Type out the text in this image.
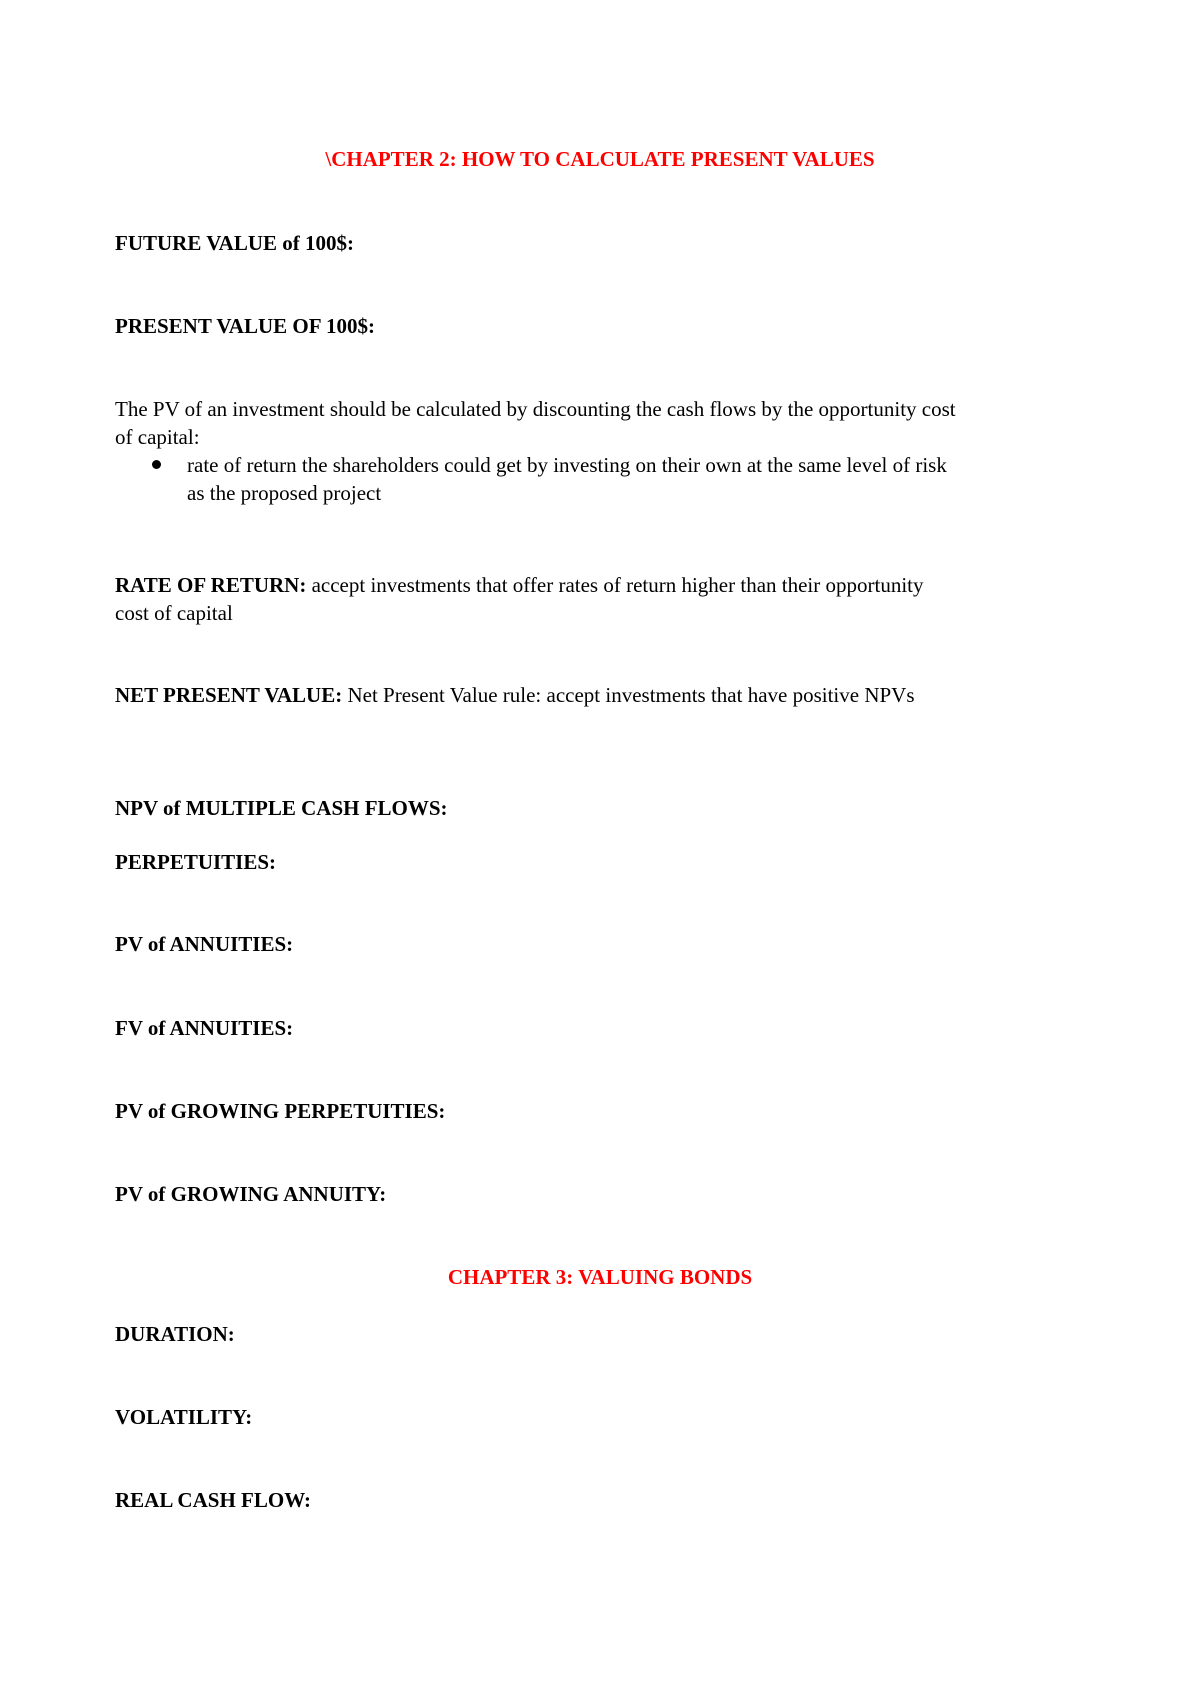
\CHAPTER 2: HOW TO CALCULATE PRESENT VALUES
FUTURE VALUE of 100$:
PRESENT VALUE OF 100$:
The PV of an investment should be calculated by discounting the cash flows by the opportunity cost
of capital:
rate of return the shareholders could get by investing on their own at the same level of risk
as the proposed project
RATE OF RETURN: accept investments that offer rates of return higher than their opportunity
cost of capital
NET PRESENT VALUE: Net Present Value rule: accept investments that have positive NPVs
NPV of MULTIPLE CASH FLOWS:
PERPETUITIES:
PV of ANNUITIES:
FV of ANNUITIES:
PV of GROWING PERPETUITIES:
PV of GROWING ANNUITY:
CHAPTER 3: VALUING BONDS
DURATION:
VOLATILITY:
REAL CASH FLOW:
